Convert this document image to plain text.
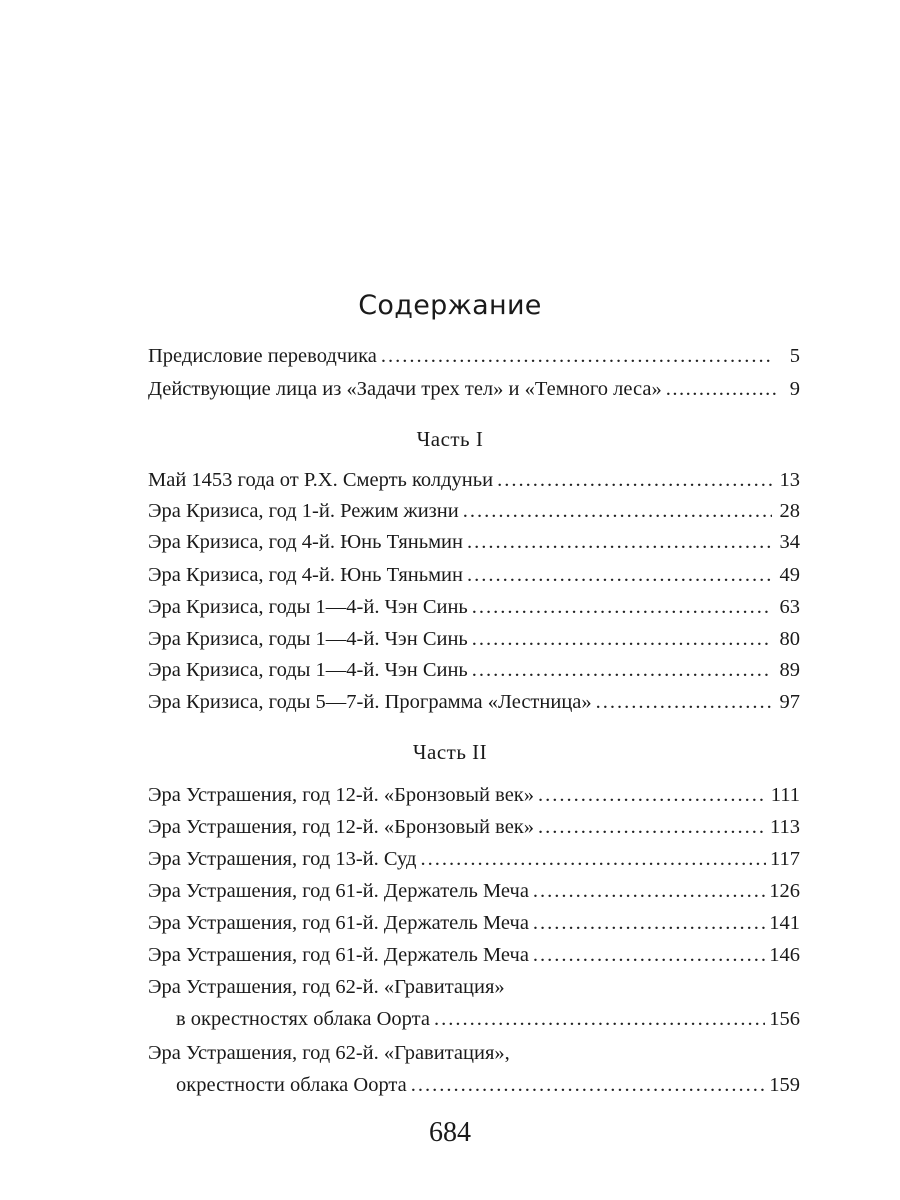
Содержание
Предисловие переводчика .....	5
Действующие лица из «Задачи трех тел» и «Темного леса» .....	9
Часть I
Май 1453 года от Р.Х. Смерть колдуньи .....	13
Эра Кризиса, год 1-й. Режим жизни .....	28
Эра Кризиса, год 4-й. Юнь Тяньмин .....	34
Эра Кризиса, год 4-й. Юнь Тяньмин .....	49
Эра Кризиса, годы 1—4-й. Чэн Синь .....	63
Эра Кризиса, годы 1—4-й. Чэн Синь .....	80
Эра Кризиса, годы 1—4-й. Чэн Синь .....	89
Эра Кризиса, годы 5—7-й. Программа «Лестница» .....	97
Часть II
Эра Устрашения, год 12-й. «Бронзовый век» .....	111
Эра Устрашения, год 12-й. «Бронзовый век» .....	113
Эра Устрашения, год 13-й. Суд .....	117
Эра Устрашения, год 61-й. Держатель Меча .....	126
Эра Устрашения, год 61-й. Держатель Меча .....	141
Эра Устрашения, год 61-й. Держатель Меча .....	146
Эра Устрашения, год 62-й. «Гравитация»
в окрестностях облака Оорта .....	156
Эра Устрашения, год 62-й. «Гравитация»,
окрестности облака Оорта .....	159
684
